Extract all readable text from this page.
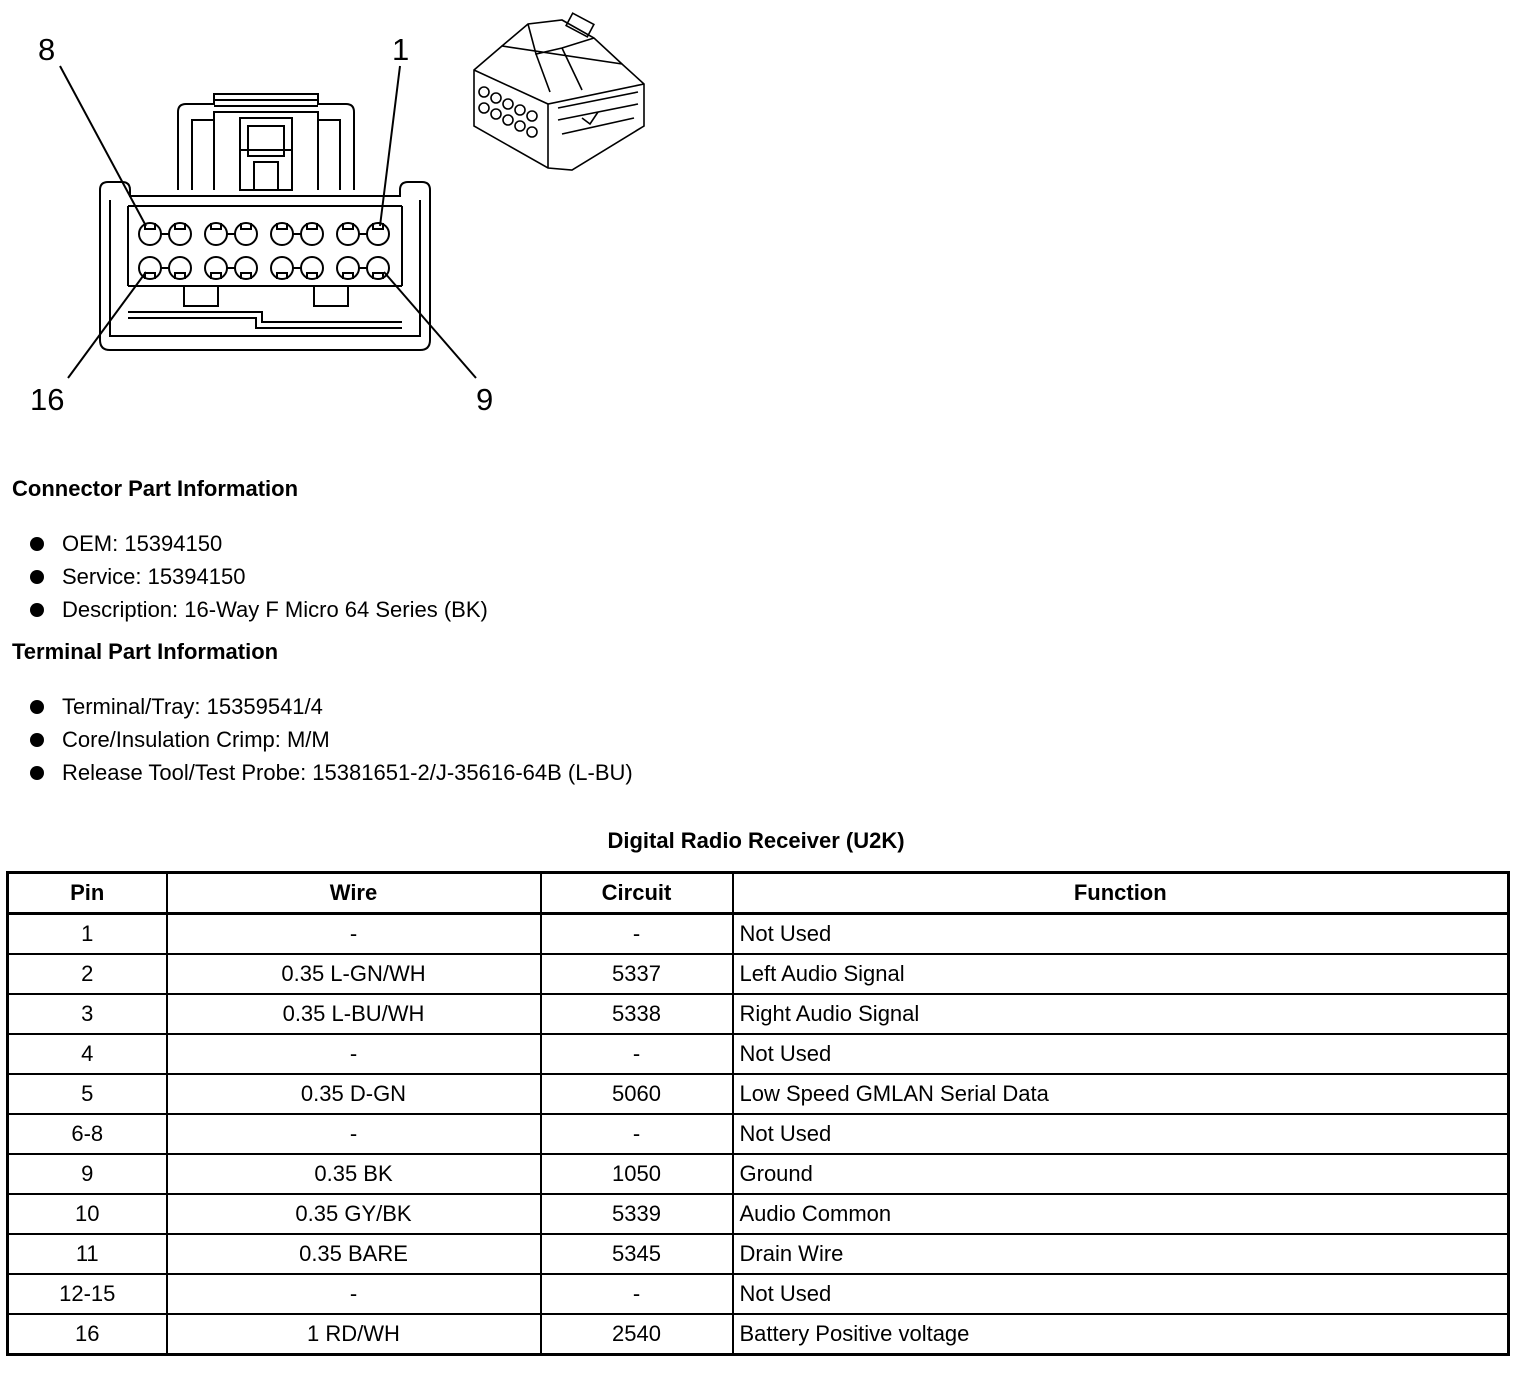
8	1
16	9
Connector Part Information
OEM: 15394150
Service: 15394150
Description: 16-Way F Micro 64 Series (BK)
Terminal Part Information
Terminal/Tray: 15359541/4
Core/Insulation Crimp: M/M
Release Tool/Test Probe: 15381651-2/J-35616-64B (L-BU)
Digital Radio Receiver (U2K)
Pin	Wire	Circuit	Function
1	-	-	Not Used
2	0.35 L-GN/WH	5337	Left Audio Signal
3	0.35 L-BU/WH	5338	Right Audio Signal
4	-	-	Not Used
5	0.35 D-GN	5060	Low Speed GMLAN Serial Data
6-8	-	-	Not Used
9	0.35 BK	1050	Ground
10	0.35 GY/BK	5339	Audio Common
11	0.35 BARE	5345	Drain Wire
12-15	-	-	Not Used
16	1 RD/WH	2540	Battery Positive voltage
